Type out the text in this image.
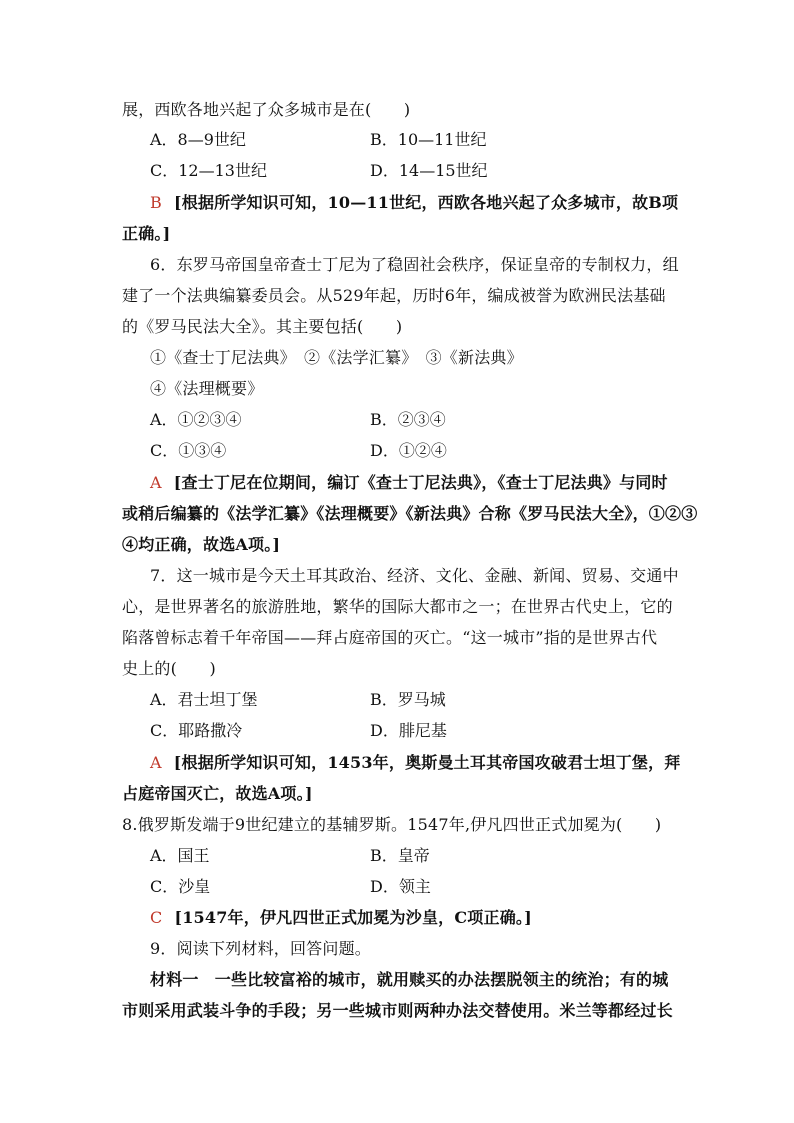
展，西欧各地兴起了众多城市是在(　　)
A．8—9世纪	B．10—11世纪
C．12—13世纪	D．14—15世纪
B [根据所学知识可知，10—11世纪，西欧各地兴起了众多城市，故B项
正确。]
6．东罗马帝国皇帝查士丁尼为了稳固社会秩序，保证皇帝的专制权力，组
建了一个法典编纂委员会。从529年起，历时6年，编成被誉为欧洲民法基础
的《罗马民法大全》。其主要包括(　　)
①《查士丁尼法典》　②《法学汇纂》　③《新法典》
④《法理概要》
A．①②③④	B．②③④
C．①③④	D．①②④
A [查士丁尼在位期间，编订《查士丁尼法典》，《查士丁尼法典》与同时
或稍后编纂的《法学汇纂》《法理概要》《新法典》合称《罗马民法大全》，①②③
④均正确，故选A项。]
7．这一城市是今天土耳其政治、经济、文化、金融、新闻、贸易、交通中
心，是世界著名的旅游胜地，繁华的国际大都市之一；在世界古代史上，它的
陷落曾标志着千年帝国——拜占庭帝国的灭亡。“这一城市”指的是世界古代
史上的(　　)
A．君士坦丁堡	B．罗马城
C．耶路撒冷	D．腓尼基
A [根据所学知识可知，1453年，奥斯曼土耳其帝国攻破君士坦丁堡，拜
占庭帝国灭亡，故选A项。]
8.俄罗斯发端于9世纪建立的基辅罗斯。1547年,伊凡四世正式加冕为(　　)
A．国王	B．皇帝
C．沙皇	D．领主
C [1547年，伊凡四世正式加冕为沙皇，C项正确。]
9．阅读下列材料，回答问题。
材料一　一些比较富裕的城市，就用赎买的办法摆脱领主的统治；有的城
市则采用武装斗争的手段；另一些城市则两种办法交替使用。米兰等都经过长
